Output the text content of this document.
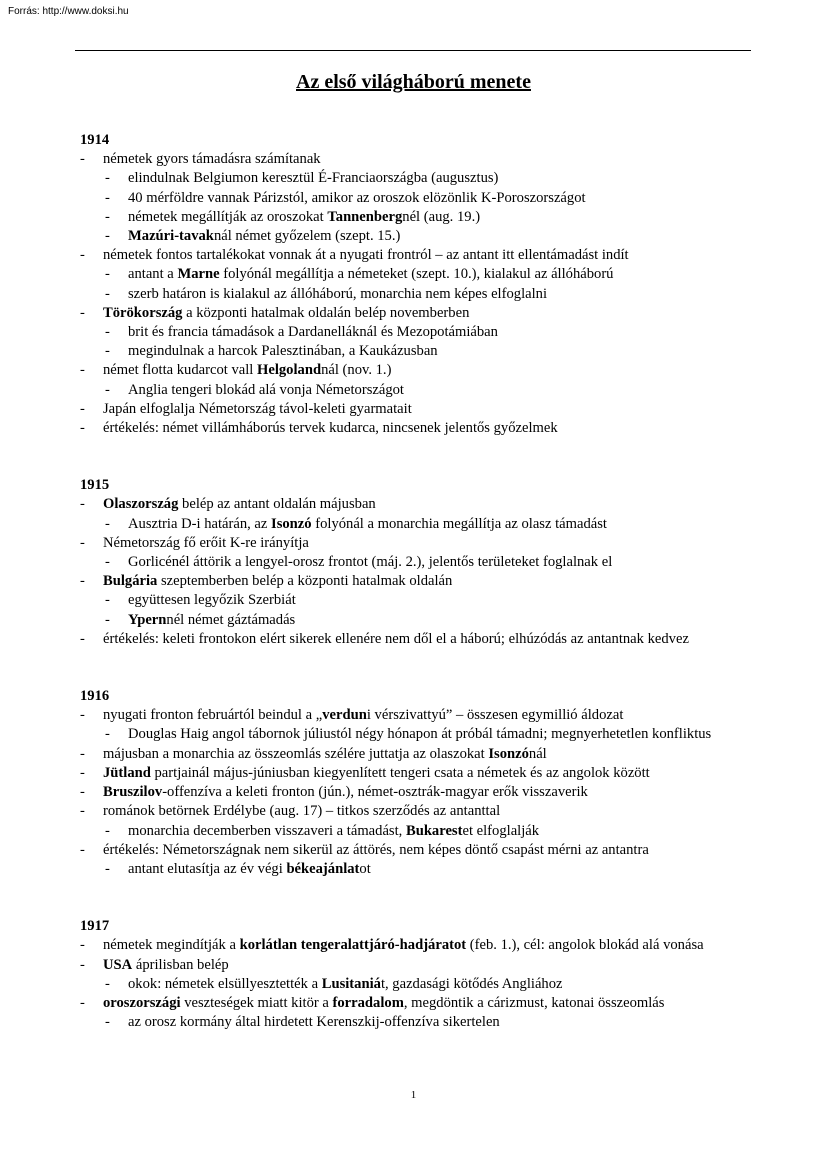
Forrás: http://www.doksi.hu
Az első világháború menete
1914
- németek gyors támadásra számítanak
- elindulnak Belgiumon keresztül É-Franciaországba (augusztus)
- 40 mérföldre vannak Párizstól, amikor az oroszok elözönlik K-Poroszországot
- németek megállítják az oroszokat Tannenbergnél (aug. 19.)
- Mazúri-tavaknál német győzelem (szept. 15.)
- németek fontos tartalékokat vonnak át a nyugati frontról – az antant itt ellentámadást indít
- antant a Marne folyónál megállítja a németeket (szept. 10.), kialakul az állóháború
- szerb határon is kialakul az állóháború, monarchia nem képes elfoglalni
- Törökország a központi hatalmak oldalán belép novemberben
- brit és francia támadások a Dardanelláknál és Mezopotámiában
- megindulnak a harcok Palesztinában, a Kaukázusban
- német flotta kudarcot vall Helgolandnál (nov. 1.)
- Anglia tengeri blokád alá vonja Németországot
- Japán elfoglalja Németország távol-keleti gyarmatait
- értékelés: német villámháborús tervek kudarca, nincsenek jelentős győzelmek
1915
- Olaszország belép az antant oldalán májusban
- Ausztria D-i határán, az Isonzó folyónál a monarchia megállítja az olasz támadást
- Németország fő erőit K-re irányítja
- Gorlicénél áttörik a lengyel-orosz frontot (máj. 2.), jelentős területeket foglalnak el
- Bulgária szeptemberben belép a központi hatalmak oldalán
- együttesen legyőzik Szerbiát
- Ypernnél német gáztámadás
- értékelés: keleti frontokon elért sikerek ellenére nem dől el a háború; elhúzódás az antantnak kedvez
1916
- nyugati fronton februártól beindul a „verduni vérszivattyú” – összesen egymillió áldozat
- Douglas Haig angol tábornok júliustól négy hónapon át próbál támadni; megnyerhetetlen konfliktus
- májusban a monarchia az összeomlás szélére juttatja az olaszokat Isonzónál
- Jütland partjainál május-júniusban kiegyenlített tengeri csata a németek és az angolok között
- Bruszilov-offenzíva a keleti fronton (jún.), német-osztrák-magyar erők visszaverik
- románok betörnek Erdélybe (aug. 17) – titkos szerződés az antanttal
- monarchia decemberben visszaveri a támadást, Bukarestet elfoglalják
- értékelés: Németországnak nem sikerül az áttörés, nem képes döntő csapást mérni az antantra
- antant elutasítja az év végi békeajánlatot
1917
- németek megindítják a korlátlan tengeralattjáró-hadjáratot (feb. 1.), cél: angolok blokád alá vonása
- USA áprilisban belép
- okok: németek elsüllyesztették a Lusitaniát, gazdasági kötődés Angliához
- oroszországi veszteségek miatt kitör a forradalom, megdöntik a cárizmust, katonai összeomlás
- az orosz kormány által hirdetett Kerenszkij-offenzíva sikertelen
1
